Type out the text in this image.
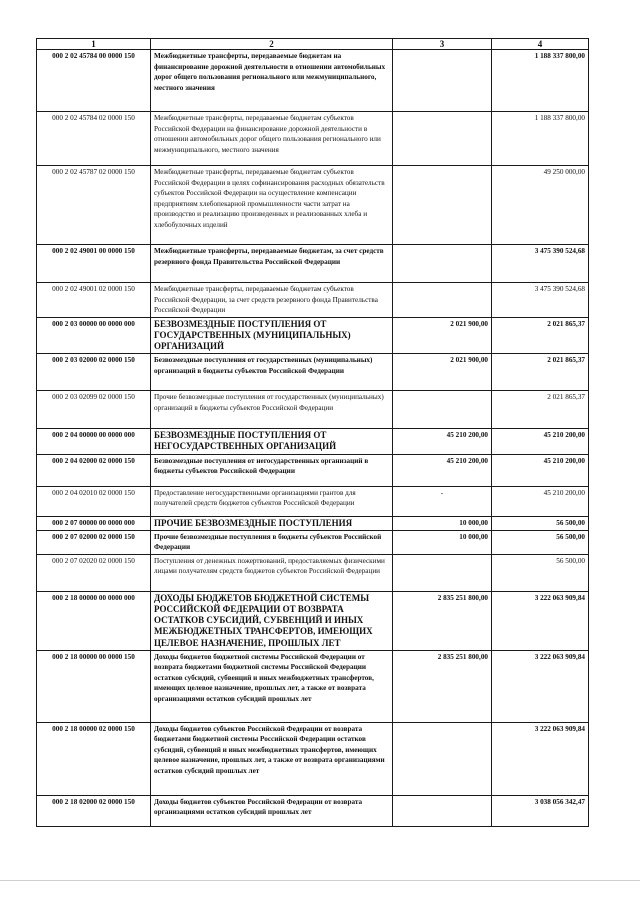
1	2	3	4
000 2 02 45784 00 0000 150	Межбюджетные трансферты, передаваемые бюджетам на финансирование дорожной деятельности в отношении автомобильных дорог общего пользования регионального или межмуниципального, местного значения		1 188 337 800,00
000 2 02 45784 02 0000 150	Межбюджетные трансферты, передаваемые бюджетам субъектов Российской Федерации на финансирование дорожной деятельности в отношении автомобильных дорог общего пользования регионального или межмуниципального, местного значения		1 188 337 800,00
000 2 02 45787 02 0000 150	Межбюджетные трансферты, передаваемые бюджетам субъектов Российской Федерации в целях софинансирования расходных обязательств субъектов Российской Федерации на осуществление компенсации предприятиям хлебопекарной промышленности части затрат на производство и реализацию произведенных и реализованных хлеба и хлебобулочных изделий		49 250 000,00
000 2 02 49001 00 0000 150	Межбюджетные трансферты, передаваемые бюджетам, за счет средств резервного фонда Правительства Российской Федерации		3 475 390 524,68
000 2 02 49001 02 0000 150	Межбюджетные трансферты, передаваемые бюджетам субъектов Российской Федерации, за счет средств резервного фонда Правительства Российской Федерации		3 475 390 524,68
000 2 03 00000 00 0000 000	БЕЗВОЗМЕЗДНЫЕ ПОСТУПЛЕНИЯ ОТ ГОСУДАРСТВЕННЫХ (МУНИЦИПАЛЬНЫХ) ОРГАНИЗАЦИЙ	2 021 900,00	2 021 865,37
000 2 03 02000 02 0000 150	Безвозмездные поступления от государственных (муниципальных) организаций в бюджеты субъектов Российской Федерации	2 021 900,00	2 021 865,37
000 2 03 02099 02 0000 150	Прочие безвозмездные поступления от государственных (муниципальных) организаций в бюджеты субъектов Российской Федерации		2 021 865,37
000 2 04 00000 00 0000 000	БЕЗВОЗМЕЗДНЫЕ ПОСТУПЛЕНИЯ ОТ НЕГОСУДАРСТВЕННЫХ ОРГАНИЗАЦИЙ	45 210 200,00	45 210 200,00
000 2 04 02000 02 0000 150	Безвозмездные поступления от негосударственных организаций в бюджеты субъектов Российской Федерации	45 210 200,00	45 210 200,00
000 2 04 02010 02 0000 150	Предоставление негосударственными организациями грантов для получателей средств бюджетов субъектов Российской Федерации	-	45 210 200,00
000 2 07 00000 00 0000 000	ПРОЧИЕ БЕЗВОЗМЕЗДНЫЕ ПОСТУПЛЕНИЯ	10 000,00	56 500,00
000 2 07 02000 02 0000 150	Прочие безвозмездные поступления в бюджеты субъектов Российской Федерации	10 000,00	56 500,00
000 2 07 02020 02 0000 150	Поступления от денежных пожертвований, предоставляемых физическими лицами получателям средств бюджетов субъектов Российской Федерации		56 500,00
000 2 18 00000 00 0000 000	ДОХОДЫ БЮДЖЕТОВ БЮДЖЕТНОЙ СИСТЕМЫ РОССИЙСКОЙ ФЕДЕРАЦИИ ОТ ВОЗВРАТА ОСТАТКОВ СУБСИДИЙ, СУБВЕНЦИЙ И ИНЫХ МЕЖБЮДЖЕТНЫХ ТРАНСФЕРТОВ, ИМЕЮЩИХ ЦЕЛЕВОЕ НАЗНАЧЕНИЕ, ПРОШЛЫХ ЛЕТ	2 835 251 800,00	3 222 063 909,84
000 2 18 00000 00 0000 150	Доходы бюджетов бюджетной системы Российской Федерации от возврата бюджетами бюджетной системы Российской Федерации остатков субсидий, субвенций и иных межбюджетных трансфертов, имеющих целевое назначение, прошлых лет, а также от возврата организациями остатков субсидий прошлых лет	2 835 251 800,00	3 222 063 909,84
000 2 18 00000 02 0000 150	Доходы бюджетов субъектов Российской Федерации от возврата бюджетами бюджетной системы Российской Федерации остатков субсидий, субвенций и иных межбюджетных трансфертов, имеющих целевое назначение, прошлых лет, а также от возврата организациями остатков субсидий прошлых лет		3 222 063 909,84
000 2 18 02000 02 0000 150	Доходы бюджетов субъектов Российской Федерации от возврата организациями остатков субсидий прошлых лет		3 038 056 342,47
